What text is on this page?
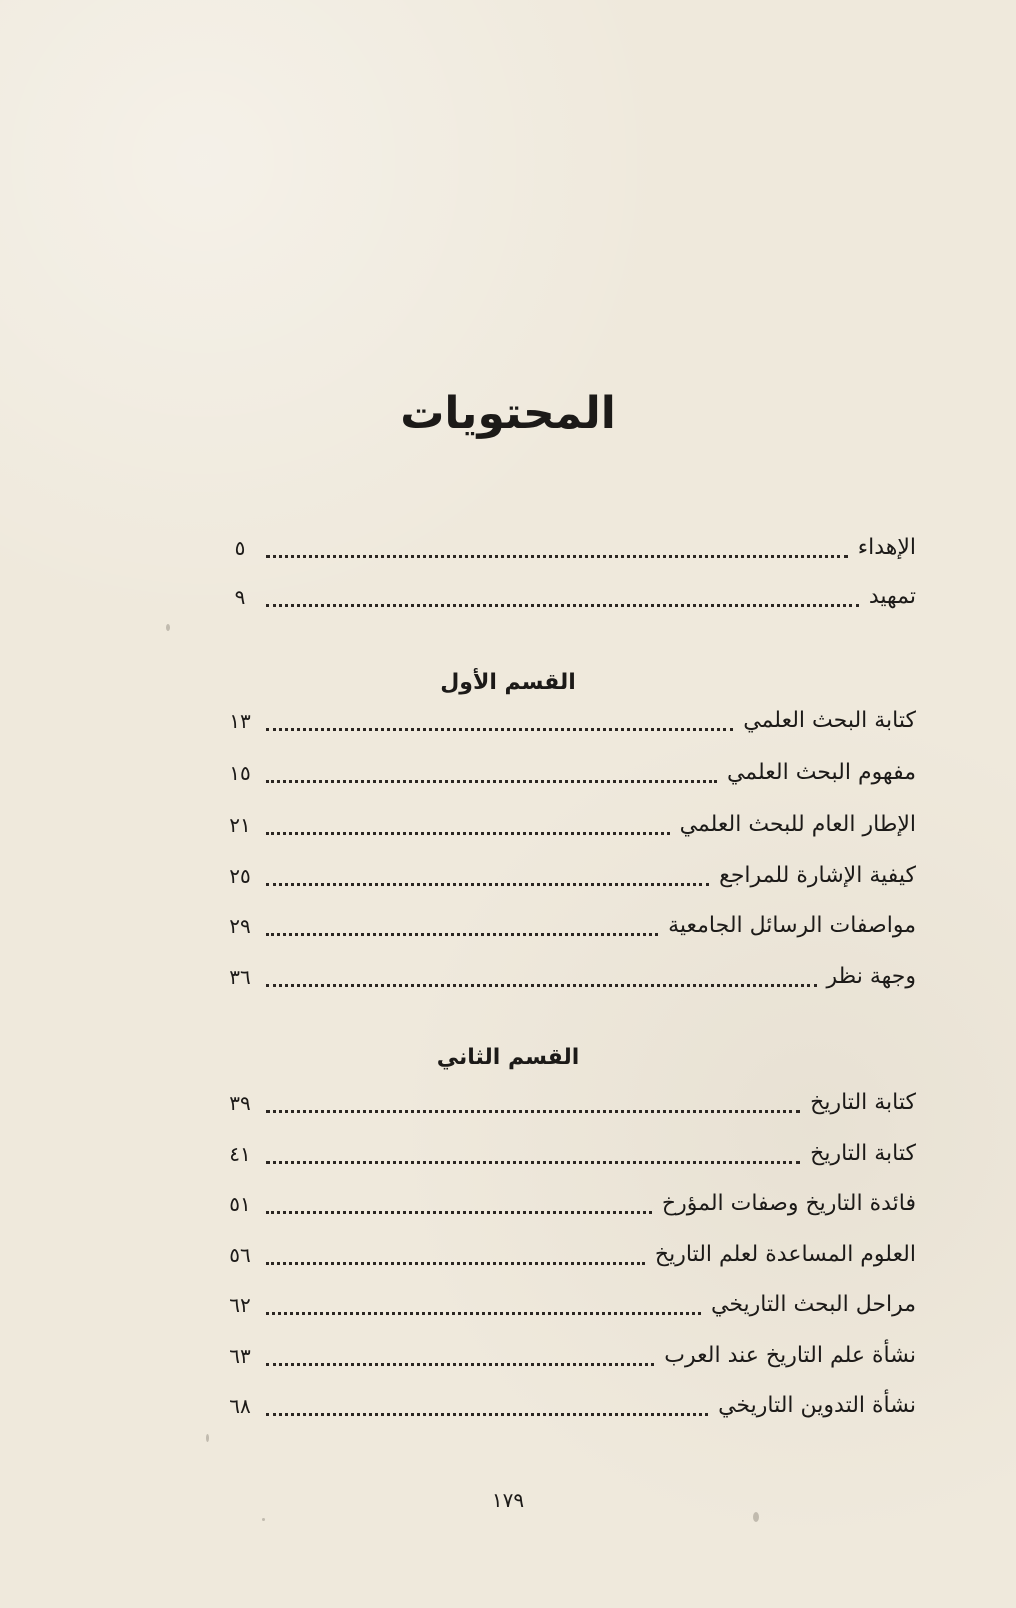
المحتويات
الإهداء
٥
تمهيد
٩
القسم الأول
كتابة البحث العلمي
١٣
مفهوم البحث العلمي
١٥
الإطار العام للبحث العلمي
٢١
كيفية الإشارة للمراجع
٢٥
مواصفات الرسائل الجامعية
٢٩
وجهة نظر
٣٦
القسم الثاني
كتابة التاريخ
٣٩
كتابة التاريخ
٤١
فائدة التاريخ وصفات المؤرخ
٥١
العلوم المساعدة لعلم التاريخ
٥٦
مراحل البحث التاريخي
٦٢
نشأة علم التاريخ عند العرب
٦٣
نشأة التدوين التاريخي
٦٨
١٧٩
